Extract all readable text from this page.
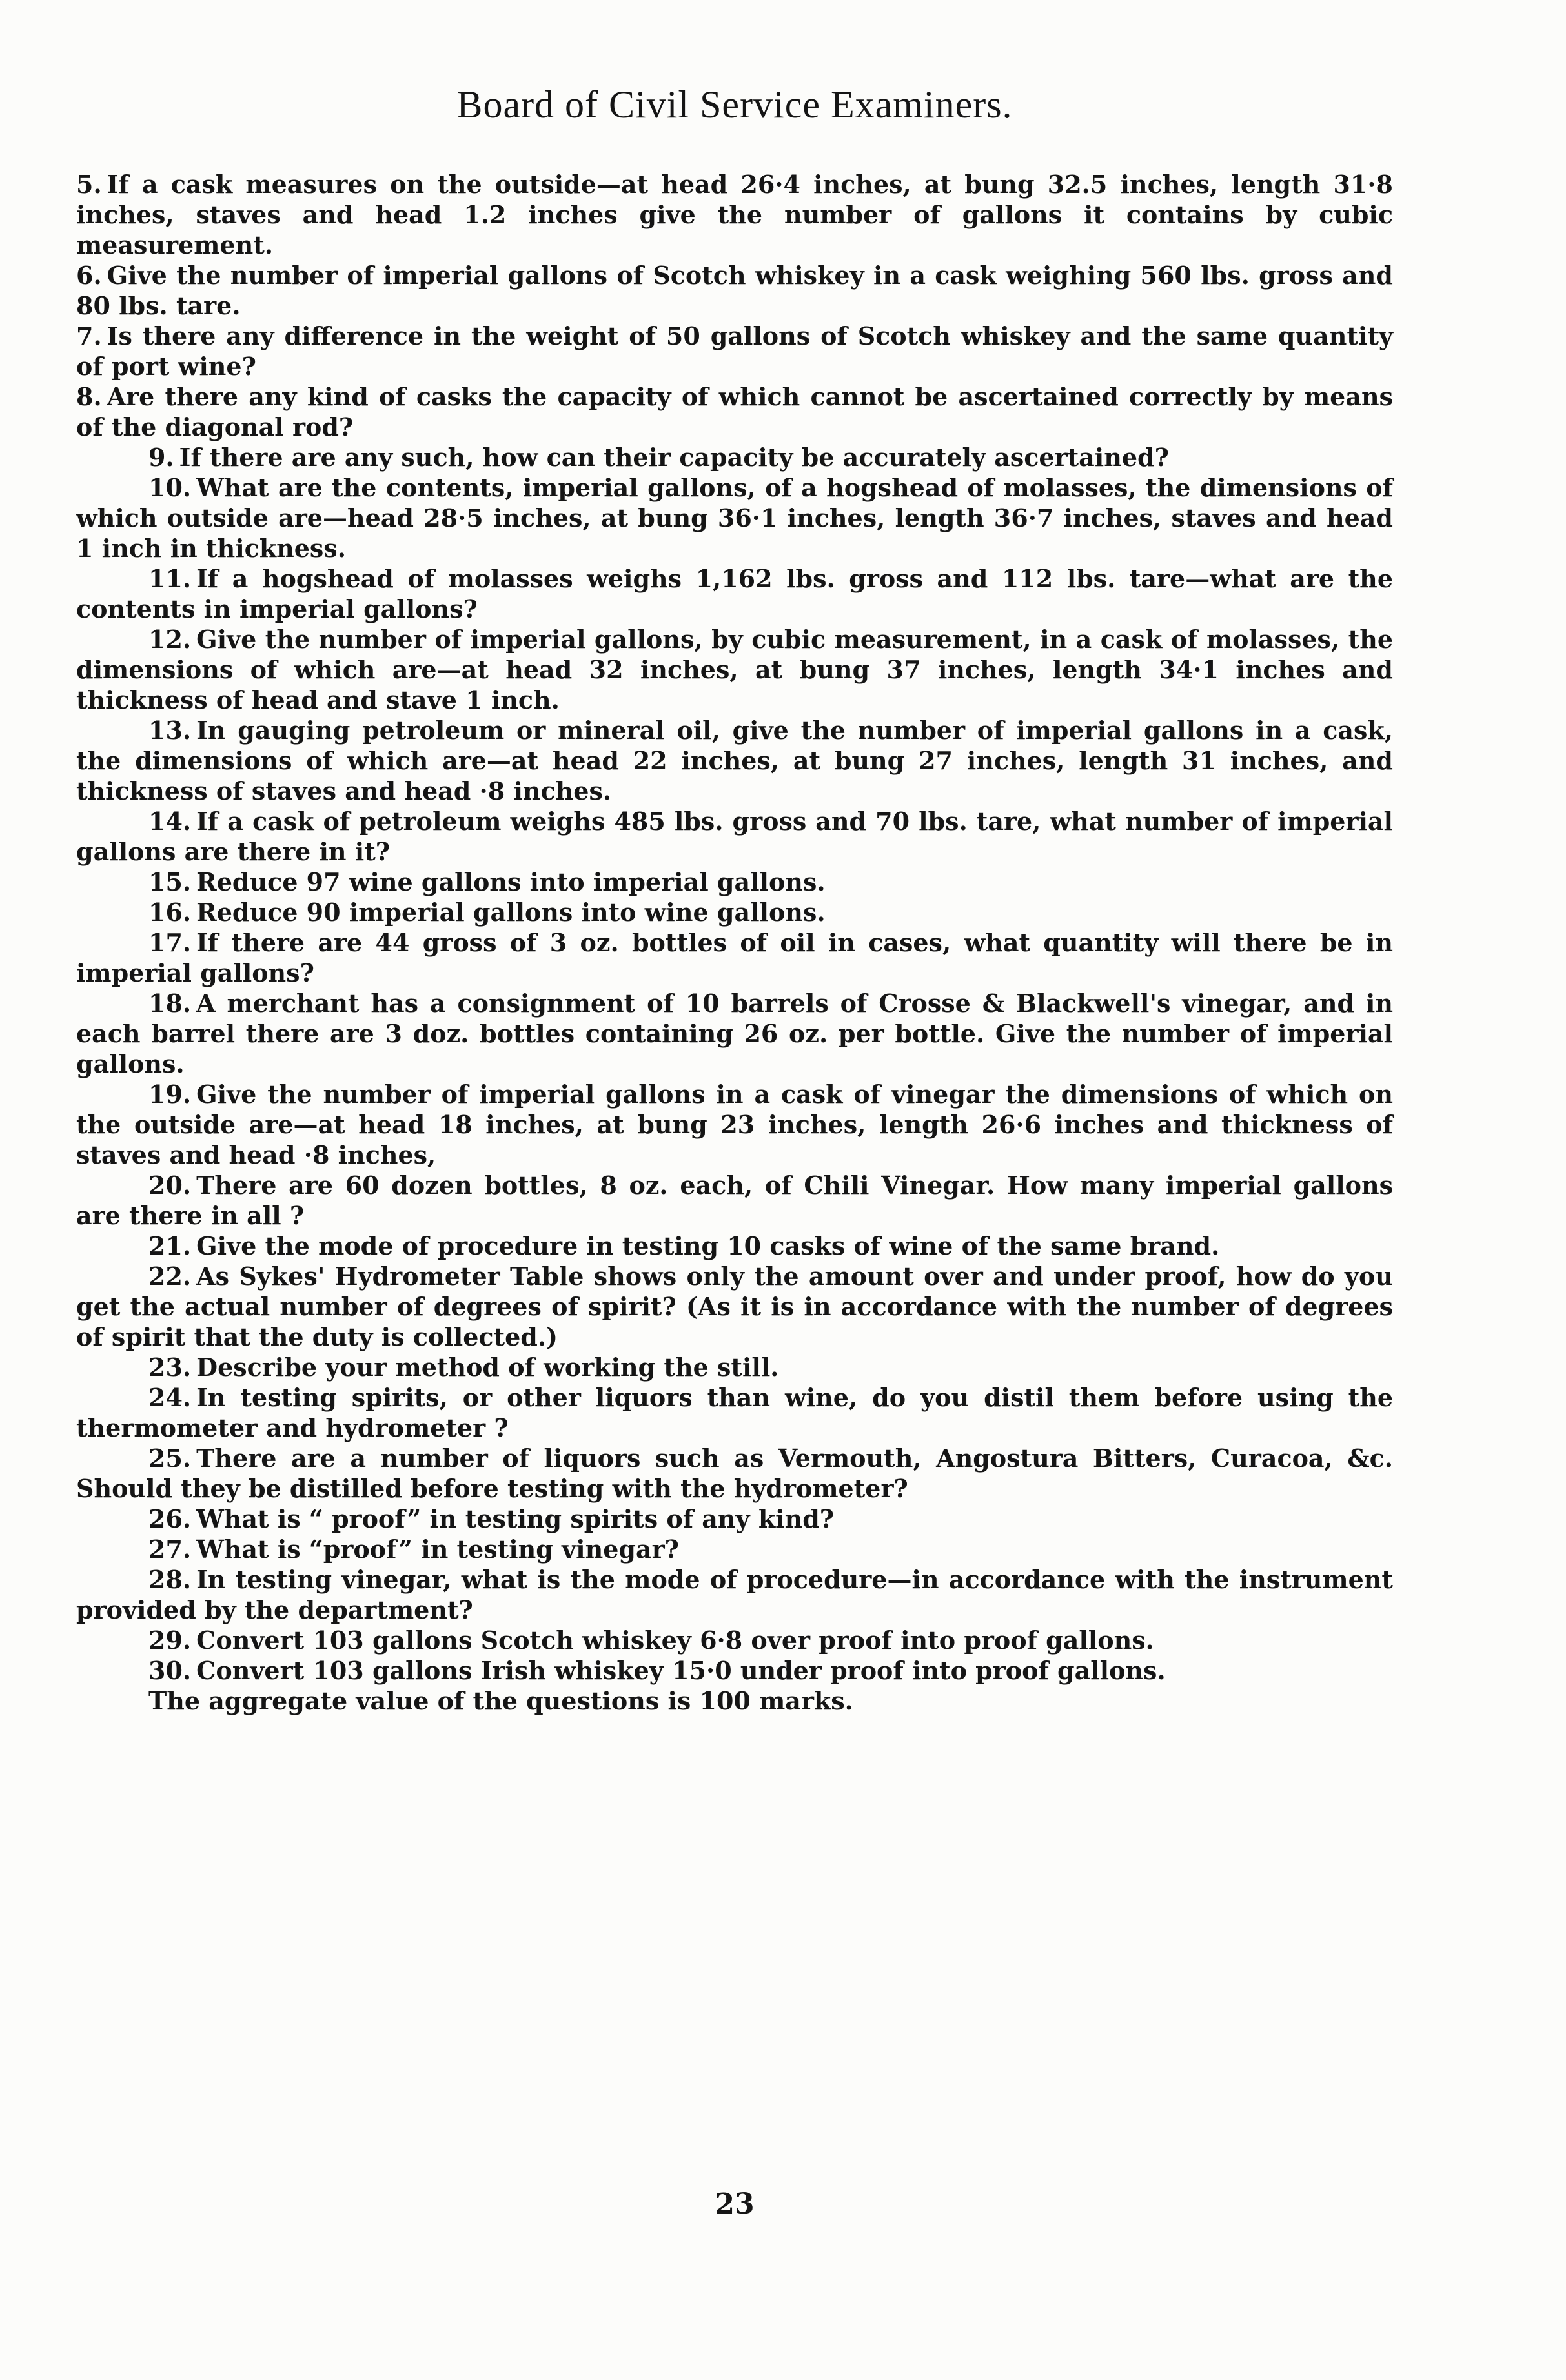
Board of Civil Service Examiners.

5. If a cask measures on the outside—at head 26·4 inches, at bung 32.5 inches, length 31·8 inches, staves and head 1.2 inches give the number of gallons it contains by cubic measurement.

6. Give the number of imperial gallons of Scotch whiskey in a cask weighing 560 lbs. gross and 80 lbs. tare.

7. Is there any difference in the weight of 50 gallons of Scotch whiskey and the same quantity of port wine?

8. Are there any kind of casks the capacity of which cannot be ascertained correctly by means of the diagonal rod?

9. If there are any such, how can their capacity be accurately ascertained?

10. What are the contents, imperial gallons, of a hogshead of molasses, the dimensions of which outside are—head 28·5 inches, at bung 36·1 inches, length 36·7 inches, staves and head 1 inch in thickness.

11. If a hogshead of molasses weighs 1,162 lbs. gross and 112 lbs. tare—what are the contents in imperial gallons?

12. Give the number of imperial gallons, by cubic measurement, in a cask of molasses, the dimensions of which are—at head 32 inches, at bung 37 inches, length 34·1 inches and thickness of head and stave 1 inch.

13. In gauging petroleum or mineral oil, give the number of imperial gallons in a cask, the dimensions of which are—at head 22 inches, at bung 27 inches, length 31 inches, and thickness of staves and head ·8 inches.

14. If a cask of petroleum weighs 485 lbs. gross and 70 lbs. tare, what number of imperial gallons are there in it?

15. Reduce 97 wine gallons into imperial gallons.

16. Reduce 90 imperial gallons into wine gallons.

17. If there are 44 gross of 3 oz. bottles of oil in cases, what quantity will there be in imperial gallons?

18. A merchant has a consignment of 10 barrels of Crosse & Blackwell's vinegar, and in each barrel there are 3 doz. bottles containing 26 oz. per bottle. Give the number of imperial gallons.

19. Give the number of imperial gallons in a cask of vinegar the dimensions of which on the outside are—at head 18 inches, at bung 23 inches, length 26·6 inches and thickness of staves and head ·8 inches,

20. There are 60 dozen bottles, 8 oz. each, of Chili Vinegar. How many imperial gallons are there in all ?

21. Give the mode of procedure in testing 10 casks of wine of the same brand.

22. As Sykes' Hydrometer Table shows only the amount over and under proof, how do you get the actual number of degrees of spirit? (As it is in accordance with the number of degrees of spirit that the duty is collected.)

23. Describe your method of working the still.

24. In testing spirits, or other liquors than wine, do you distil them before using the thermometer and hydrometer ?

25. There are a number of liquors such as Vermouth, Angostura Bitters, Curacoa, &c. Should they be distilled before testing with the hydrometer?

26. What is “ proof” in testing spirits of any kind?

27. What is “proof” in testing vinegar?

28. In testing vinegar, what is the mode of procedure—in accordance with the instrument provided by the department?

29. Convert 103 gallons Scotch whiskey 6·8 over proof into proof gallons.

30. Convert 103 gallons Irish whiskey 15·0 under proof into proof gallons.

The aggregate value of the questions is 100 marks.

23
